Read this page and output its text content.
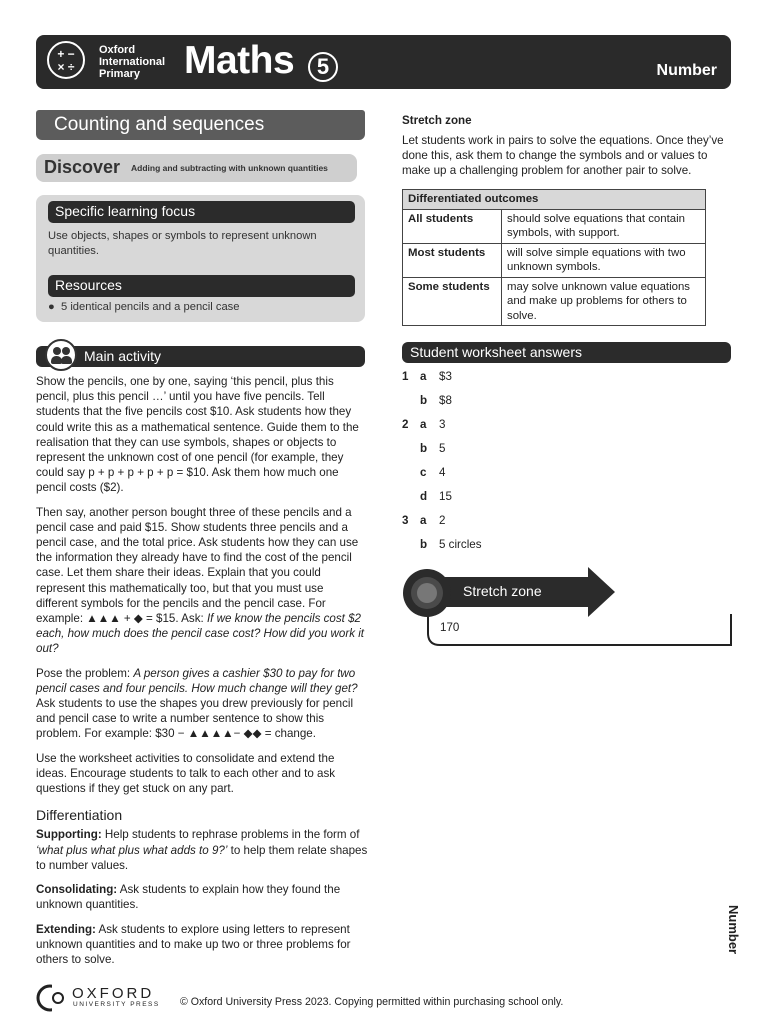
+ −
× ÷
Oxford
International
Primary	Maths	5	Number
Counting and sequences
Discover Adding and subtracting with unknown quantities
Specific learning focus
Use objects, shapes or symbols to represent unknown quantities.
Resources
● 5 identical pencils and a pencil case
Main activity

Show the pencils, one by one, saying ‘this pencil, plus this pencil, plus this pencil …’ until you have five pencils. Tell students that the five pencils cost $10. Ask students how they could write this as a mathematical sentence. Guide them to the realisation that they can use symbols, shapes or objects to represent the unknown cost of one pencil (for example, they could say p + p + p + p + p = $10. Ask them how much one pencil costs ($2).

Then say, another person bought three of these pencils and a pencil case and paid $15. Show students three pencils and a pencil case, and the total price. Ask students how they can use the information they already have to find the cost of the pencil case. Let them share their ideas. Explain that you could represent this mathematically too, but that you must use different symbols for the pencils and the pencil case. For example: ▲▲▲ + ◆ = $15. Ask: If we know the pencils cost $2 each, how much does the pencil case cost? How did you work it out?

Pose the problem: A person gives a cashier $30 to pay for two pencil cases and four pencils. How much change will they get? Ask students to use the shapes you drew previously for pencil and pencil case to write a number sentence to show this problem. For example: $30 − ▲▲▲▲− ◆◆ = change.

Use the worksheet activities to consolidate and extend the ideas. Encourage students to talk to each other and to ask questions if they get stuck on any part.

Differentiation

Supporting: Help students to rephrase problems in the form of ‘what plus what plus what adds to 9?’ to help them relate shapes to number values.

Consolidating: Ask students to explain how they found the unknown quantities.

Extending: Ask students to explore using letters to represent unknown quantities and to make up two or three problems for others to solve.

Stretch zone
Let students work in pairs to solve the equations. Once they’ve done this, ask them to change the symbols and or values to make up a challenging problem for another pair to solve.
Differentiated outcomes	
All students	should solve equations that contain symbols, with support.
Most students	will solve simple equations with two unknown symbols.
Some students	may solve unknown value equations and make up problems for others to solve.
Student worksheet answers
1 a $3
b $8
2 a 3
b 5
c 4
d 15
3 a 2
b 5 circles
Stretch zone
170
OXFORD
UNIVERSITY PRESS © Oxford University Press 2023. Copying permitted within purchasing school only.
Number
